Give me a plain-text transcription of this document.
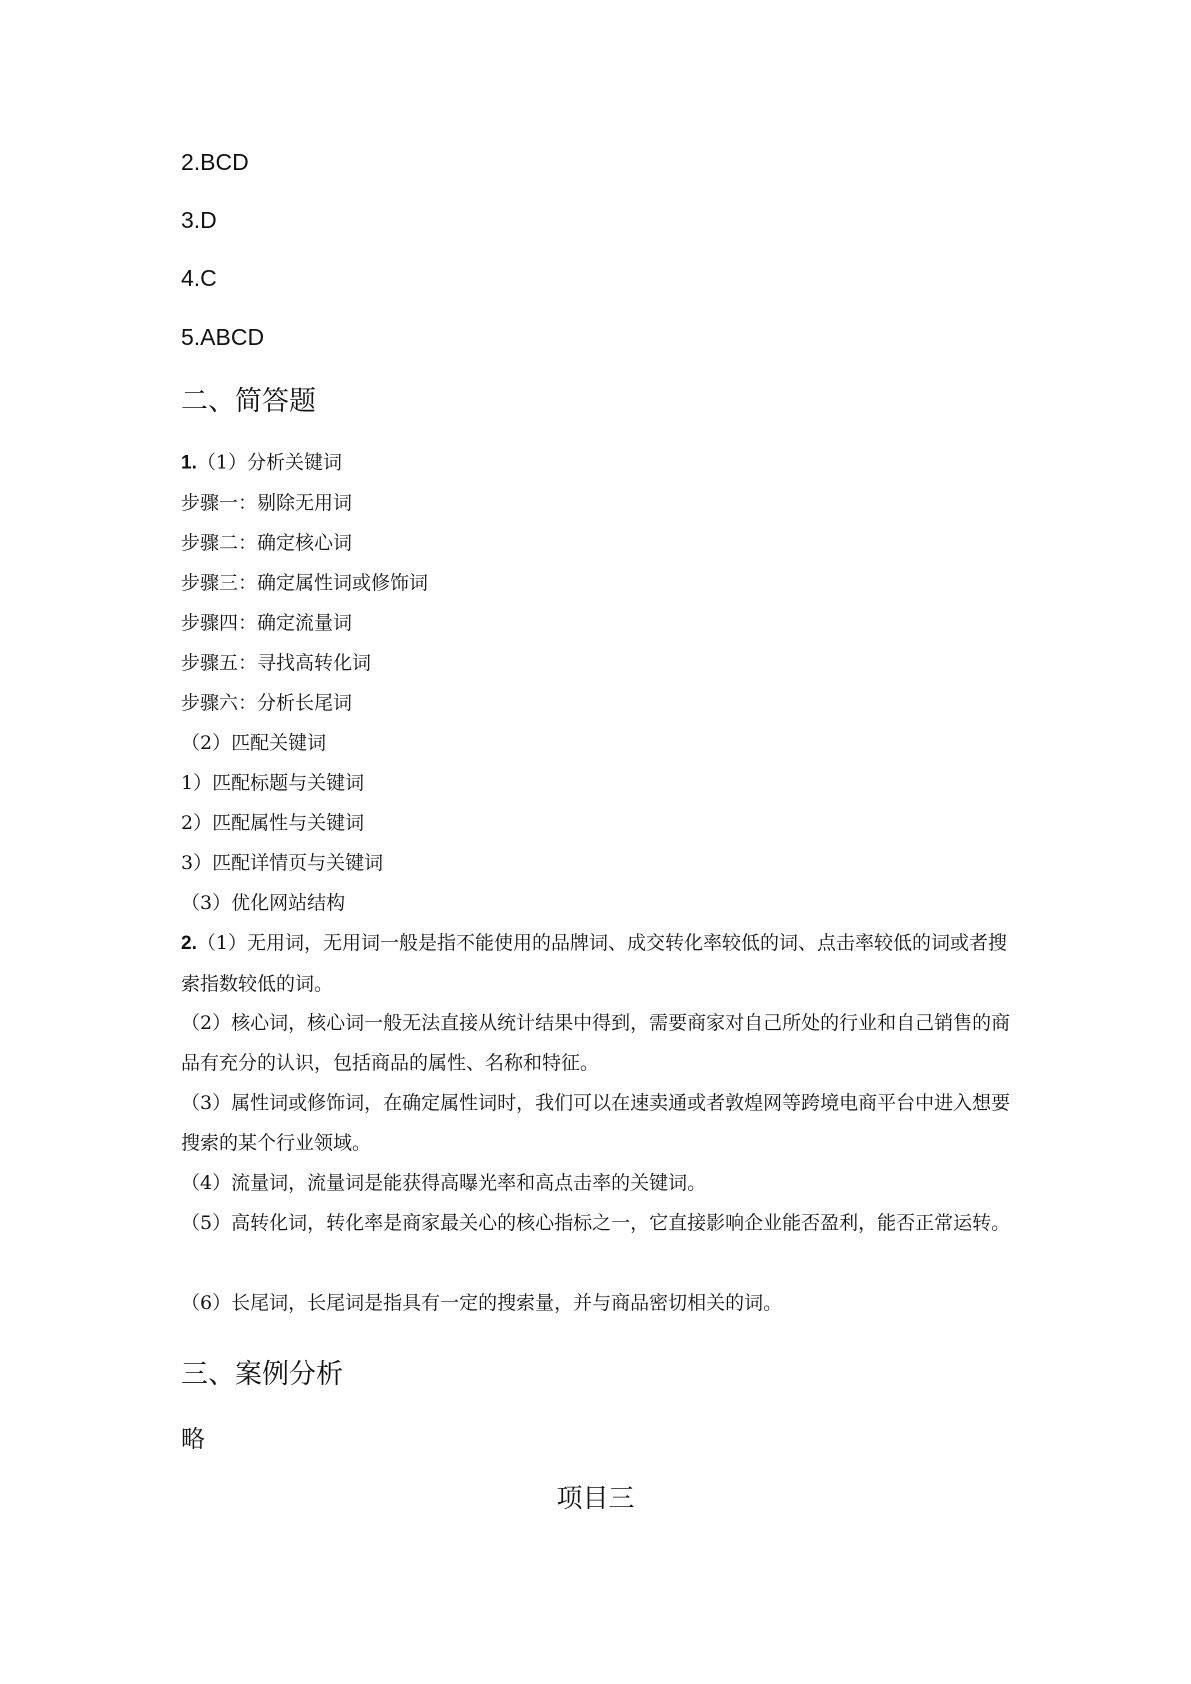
2.BCD
3.D
4.C
5.ABCD
二、简答题
1.（1）分析关键词
步骤一：剔除无用词
步骤二：确定核心词
步骤三：确定属性词或修饰词
步骤四：确定流量词
步骤五：寻找高转化词
步骤六：分析长尾词
（2）匹配关键词
1）匹配标题与关键词
2）匹配属性与关键词
3）匹配详情页与关键词
（3）优化网站结构
2.（1）无用词，无用词一般是指不能使用的品牌词、成交转化率较低的词、点击率较低的词或者搜索指数较低的词。
（2）核心词，核心词一般无法直接从统计结果中得到，需要商家对自己所处的行业和自己销售的商品有充分的认识，包括商品的属性、名称和特征。
（3）属性词或修饰词，在确定属性词时，我们可以在速卖通或者敦煌网等跨境电商平台中进入想要搜索的某个行业领域。
（4）流量词，流量词是能获得高曝光率和高点击率的关键词。
（5）高转化词，转化率是商家最关心的核心指标之一，它直接影响企业能否盈利，能否正常运转。
（6）长尾词，长尾词是指具有一定的搜索量，并与商品密切相关的词。
三、案例分析
略
项目三
